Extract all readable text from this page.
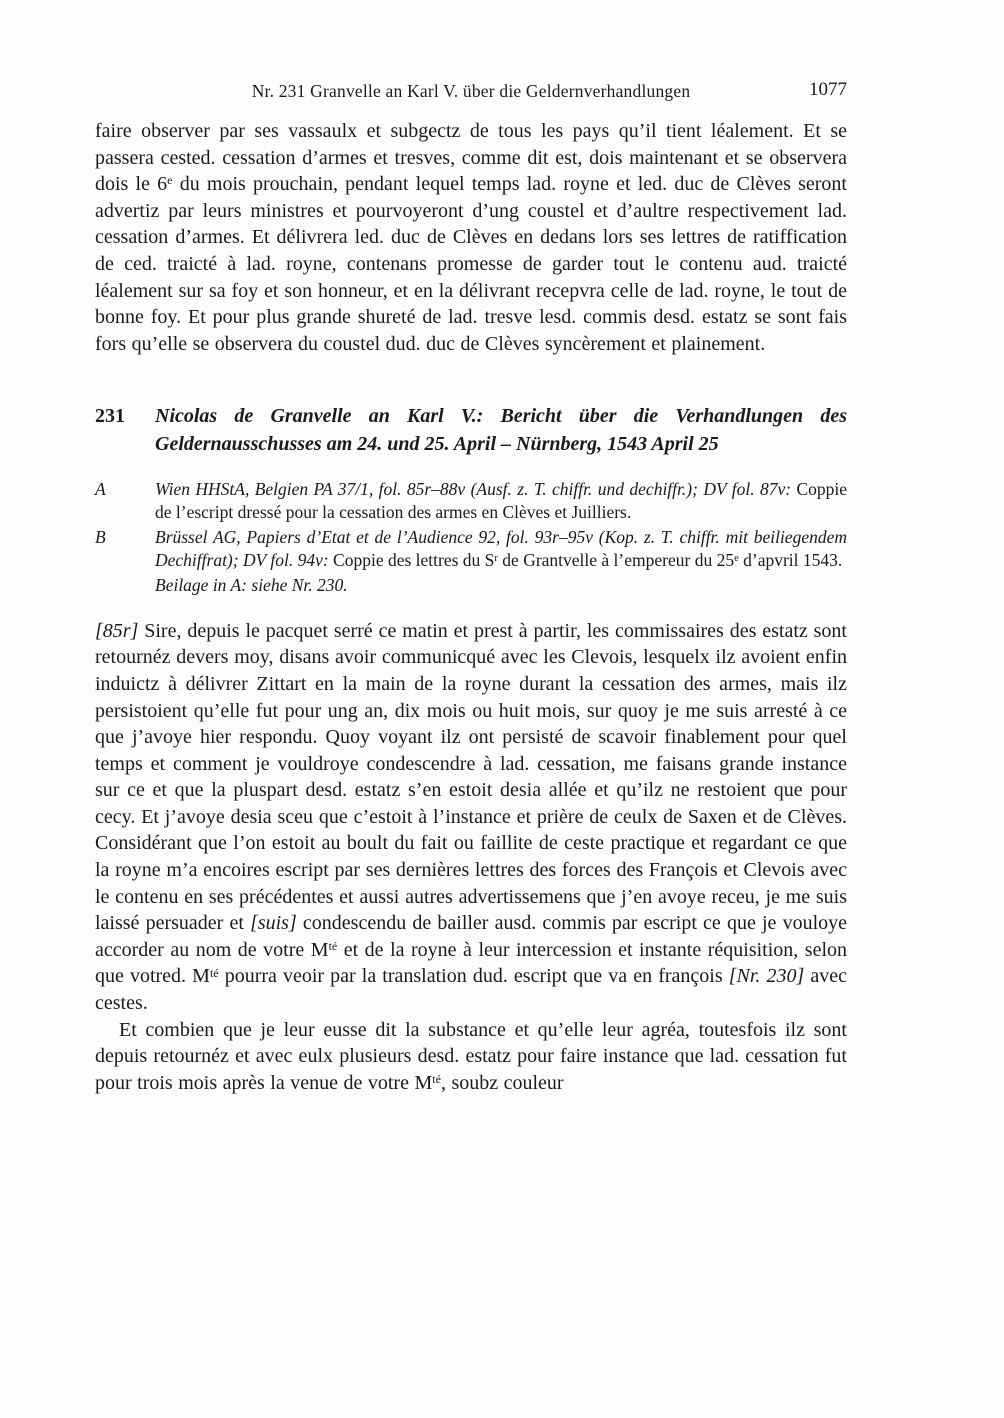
Nr. 231 Granvelle an Karl V. über die Geldernverhandlungen	1077

faire observer par ses vassaulx et subgectz de tous les pays qu’il tient léalement. Et se passera cested. cessation d’armes et tresves, comme dit est, dois maintenant et se observera dois le 6e du mois prouchain, pendant lequel temps lad. royne et led. duc de Clèves seront advertiz par leurs ministres et pourvoyeront d’ung coustel et d’aultre respectivement lad. cessation d’armes. Et délivrera led. duc de Clèves en dedans lors ses lettres de ratiffication de ced. traicté à lad. royne, contenans promesse de garder tout le contenu aud. traicté léalement sur sa foy et son honneur, et en la délivrant recepvra celle de lad. royne, le tout de bonne foy. Et pour plus grande shureté de lad. tresve lesd. commis desd. estatz se sont fais fors qu’elle se observera du coustel dud. duc de Clèves syncèrement et plainement.

231 Nicolas de Granvelle an Karl V.: Bericht über die Verhandlungen des Geldernausschusses am 24. und 25. April – Nürnberg, 1543 April 25
A	Wien HHStA, Belgien PA 37/1, fol. 85r–88v (Ausf. z. T. chiffr. und dechiffr.); DV fol. 87v: Coppie de l’escript dressé pour la cessation des armes en Clèves et Juilliers.
B	Brüssel AG, Papiers d’Etat et de l’Audience 92, fol. 93r–95v (Kop. z. T. chiffr. mit beiliegendem Dechiffrat); DV fol. 94v: Coppie des lettres du $S^r$ de Grantvelle à l’empereur du 25e d’apvril 1543.
Beilage in A: siehe Nr. 230.

[85r] Sire, depuis le pacquet serré ce matin et prest à partir, les commissaires des estatz sont retournéz devers moy, disans avoir communicqué avec les Clevois, lesquelx ilz avoient enfin induictz à délivrer Zittart en la main de la royne durant la cessation des armes, mais ilz persistoient qu’elle fut pour ung an, dix mois ou huit mois, sur quoy je me suis arresté à ce que j’avoye hier respondu. Quoy voyant ilz ont persisté de scavoir finablement pour quel temps et comment je vouldroye condescendre à lad. cessation, me faisans grande instance sur ce et que la pluspart desd. estatz s’en estoit desia allée et qu’ilz ne restoient que pour cecy. Et j’avoye desia sceu que c’estoit à l’instance et prière de ceulx de Saxen et de Clèves. Considérant que l’on estoit au boult du fait ou faillite de ceste practique et regardant ce que la royne m’a encoires escript par ses dernières lettres des forces des François et Clevois avec le contenu en ses précédentes et aussi autres advertissemens que j’en avoye receu, je me suis laissé persuader et [suis] condescendu de bailler ausd. commis par escript ce que je vouloye accorder au nom de votre $M^{té}$ et de la royne à leur intercession et instante réquisition, selon que votred. $M^{té}$ pourra veoir par la translation dud. escript que va en françois [Nr. 230] avec cestes.

Et combien que je leur eusse dit la substance et qu’elle leur agréa, toutesfois ilz sont depuis retournéz et avec eulx plusieurs desd. estatz pour faire instance que lad. cessation fut pour trois mois après la venue de votre $M^{té}$, soubz couleur
